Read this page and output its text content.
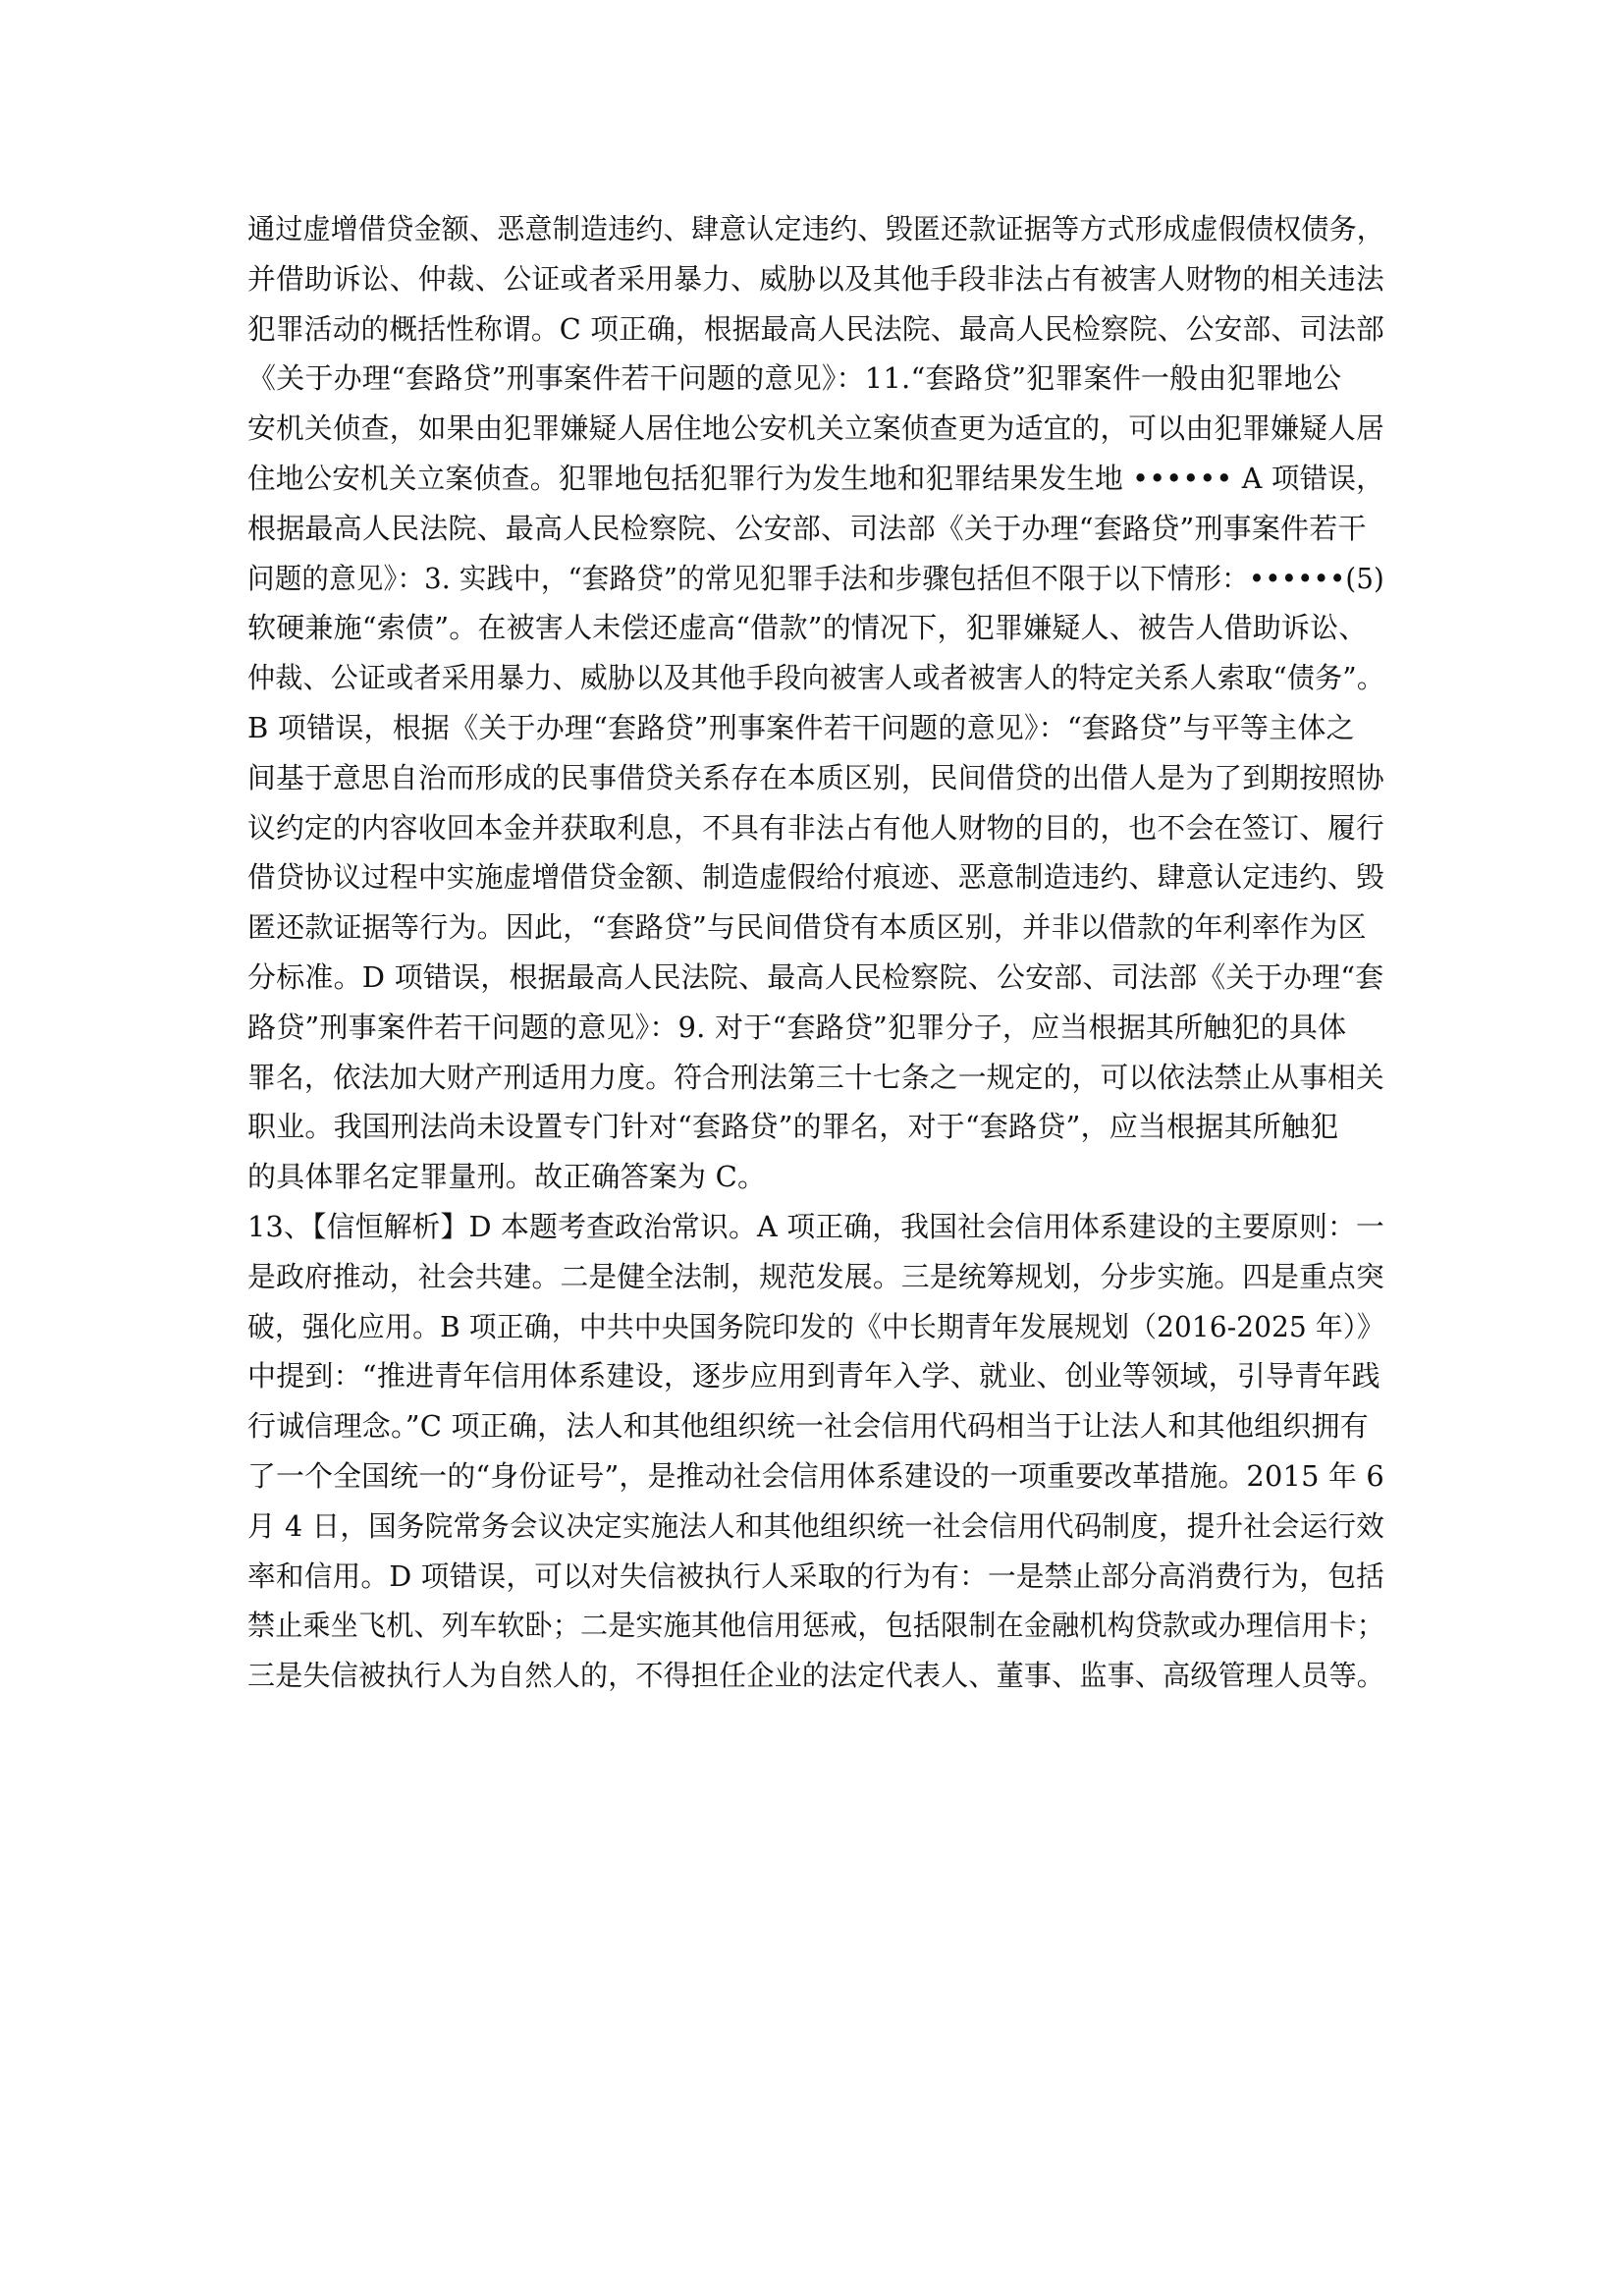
通过虚增借贷金额、恶意制造违约、肆意认定违约、毁匿还款证据等方式形成虚假债权债务，
并借助诉讼、仲裁、公证或者采用暴力、威胁以及其他手段非法占有被害人财物的相关违法
犯罪活动的概括性称谓。C 项正确，根据最高人民法院、最高人民检察院、公安部、司法部
《关于办理“套路贷”刑事案件若干问题的意见》：11.“套路贷”犯罪案件一般由犯罪地公
安机关侦查，如果由犯罪嫌疑人居住地公安机关立案侦查更为适宜的，可以由犯罪嫌疑人居
住地公安机关立案侦查。犯罪地包括犯罪行为发生地和犯罪结果发生地 •••••• A 项错误，
根据最高人民法院、最高人民检察院、公安部、司法部《关于办理“套路贷”刑事案件若干
问题的意见》：3. 实践中，“套路贷”的常见犯罪手法和步骤包括但不限于以下情形：••••••(5)
软硬兼施“索债”。在被害人未偿还虚高“借款”的情况下，犯罪嫌疑人、被告人借助诉讼、
仲裁、公证或者采用暴力、威胁以及其他手段向被害人或者被害人的特定关系人索取“债务”。
B 项错误，根据《关于办理“套路贷”刑事案件若干问题的意见》：“套路贷”与平等主体之
间基于意思自治而形成的民事借贷关系存在本质区别，民间借贷的出借人是为了到期按照协
议约定的内容收回本金并获取利息，不具有非法占有他人财物的目的，也不会在签订、履行
借贷协议过程中实施虚增借贷金额、制造虚假给付痕迹、恶意制造违约、肆意认定违约、毁
匿还款证据等行为。因此，“套路贷”与民间借贷有本质区别，并非以借款的年利率作为区
分标准。D 项错误，根据最高人民法院、最高人民检察院、公安部、司法部《关于办理“套
路贷”刑事案件若干问题的意见》：9. 对于“套路贷”犯罪分子，应当根据其所触犯的具体
罪名，依法加大财产刑适用力度。符合刑法第三十七条之一规定的，可以依法禁止从事相关
职业。我国刑法尚未设置专门针对“套路贷”的罪名，对于“套路贷”，应当根据其所触犯
的具体罪名定罪量刑。故正确答案为 C。
13、【信恒解析】D 本题考查政治常识。A 项正确，我国社会信用体系建设的主要原则：一
是政府推动，社会共建。二是健全法制，规范发展。三是统筹规划，分步实施。四是重点突
破，强化应用。B 项正确，中共中央国务院印发的《中长期青年发展规划（2016-2025 年）》
中提到：“推进青年信用体系建设，逐步应用到青年入学、就业、创业等领域，引导青年践
行诚信理念。”C 项正确，法人和其他组织统一社会信用代码相当于让法人和其他组织拥有
了一个全国统一的“身份证号”，是推动社会信用体系建设的一项重要改革措施。2015 年 6
月 4 日，国务院常务会议决定实施法人和其他组织统一社会信用代码制度，提升社会运行效
率和信用。D 项错误，可以对失信被执行人采取的行为有：一是禁止部分高消费行为，包括
禁止乘坐飞机、列车软卧；二是实施其他信用惩戒，包括限制在金融机构贷款或办理信用卡；
三是失信被执行人为自然人的，不得担任企业的法定代表人、董事、监事、高级管理人员等。
